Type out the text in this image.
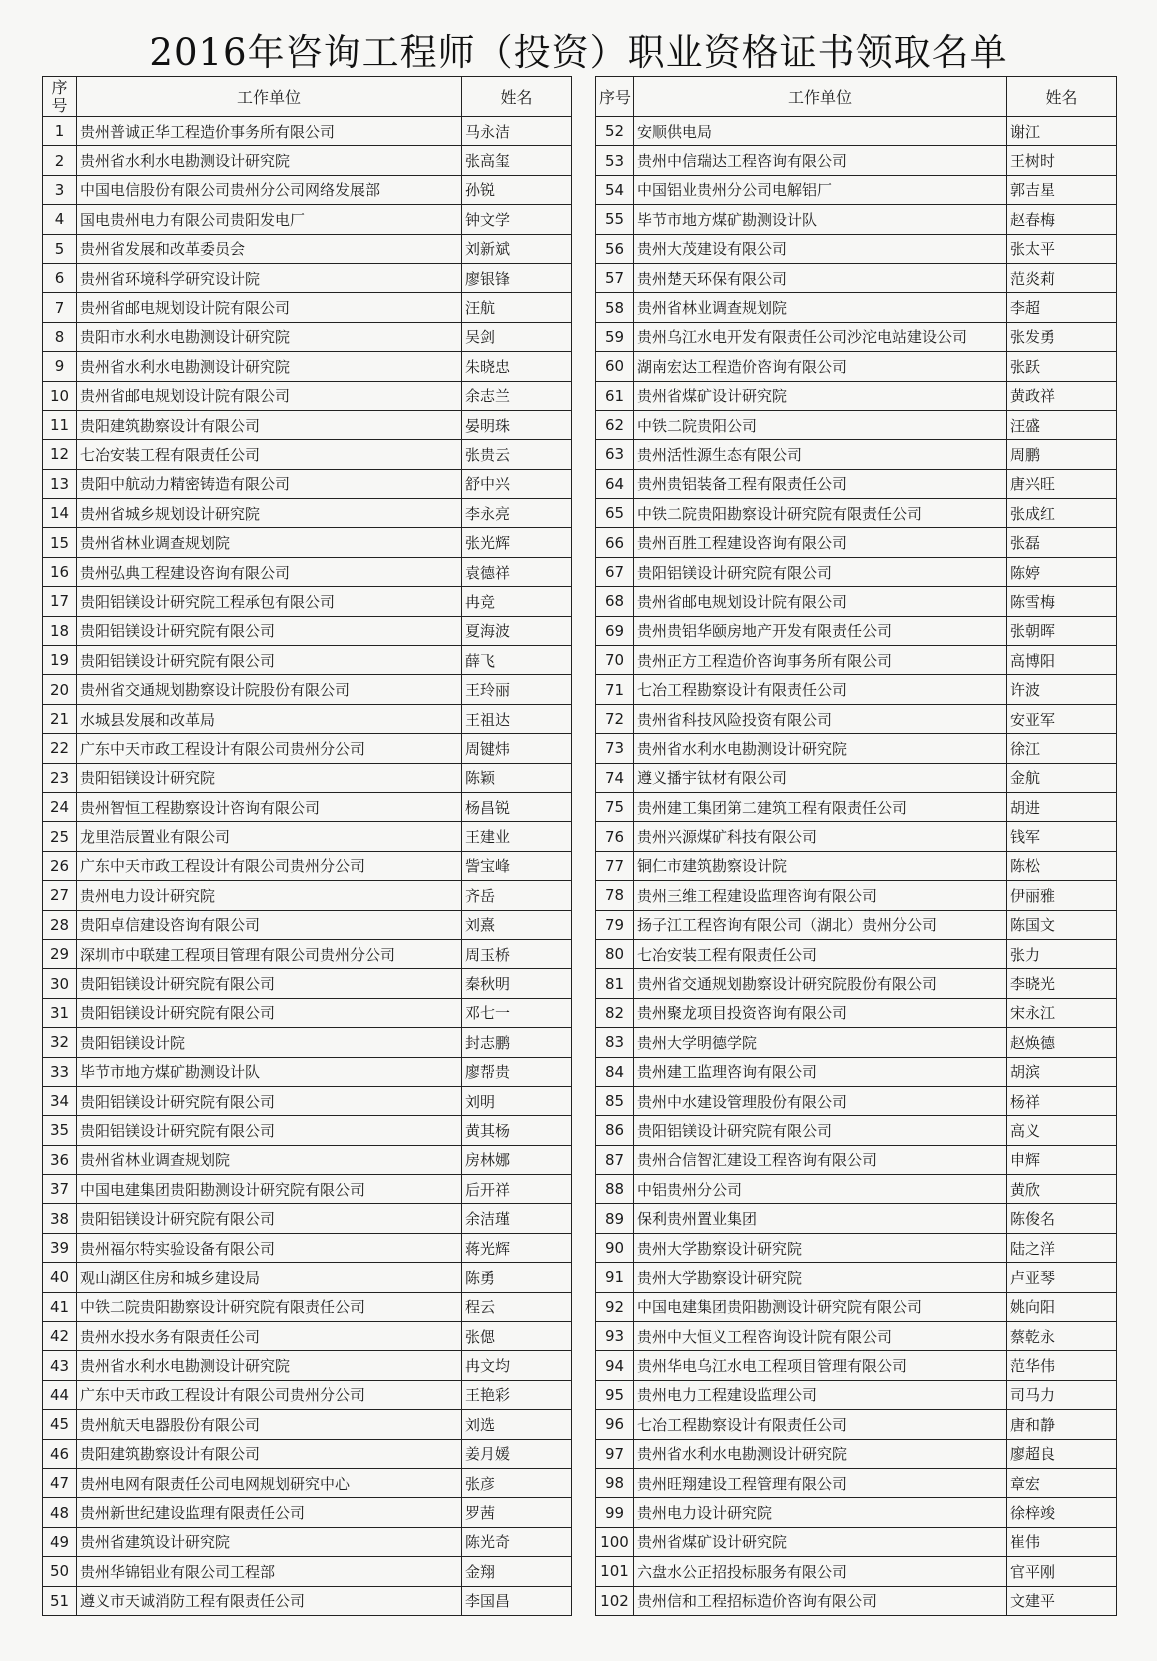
2016年咨询工程师（投资）职业资格证书领取名单
序
号	工作单位	姓名
1	贵州普诚正华工程造价事务所有限公司	马永洁
2	贵州省水利水电勘测设计研究院	张高玺
3	中国电信股份有限公司贵州分公司网络发展部	孙锐
4	国电贵州电力有限公司贵阳发电厂	钟文学
5	贵州省发展和改革委员会	刘新斌
6	贵州省环境科学研究设计院	廖银锋
7	贵州省邮电规划设计院有限公司	汪航
8	贵阳市水利水电勘测设计研究院	吴剑
9	贵州省水利水电勘测设计研究院	朱晓忠
10	贵州省邮电规划设计院有限公司	余志兰
11	贵阳建筑勘察设计有限公司	晏明珠
12	七冶安装工程有限责任公司	张贵云
13	贵阳中航动力精密铸造有限公司	舒中兴
14	贵州省城乡规划设计研究院	李永亮
15	贵州省林业调查规划院	张光辉
16	贵州弘典工程建设咨询有限公司	袁德祥
17	贵阳铝镁设计研究院工程承包有限公司	冉竞
18	贵阳铝镁设计研究院有限公司	夏海波
19	贵阳铝镁设计研究院有限公司	薛飞
20	贵州省交通规划勘察设计院股份有限公司	王玲丽
21	水城县发展和改革局	王祖达
22	广东中天市政工程设计有限公司贵州分公司	周键炜
23	贵阳铝镁设计研究院	陈颖
24	贵州智恒工程勘察设计咨询有限公司	杨昌锐
25	龙里浩辰置业有限公司	王建业
26	广东中天市政工程设计有限公司贵州分公司	訾宝峰
27	贵州电力设计研究院	齐岳
28	贵阳卓信建设咨询有限公司	刘熹
29	深圳市中联建工程项目管理有限公司贵州分公司	周玉桥
30	贵阳铝镁设计研究院有限公司	秦秋明
31	贵阳铝镁设计研究院有限公司	邓七一
32	贵阳铝镁设计院	封志鹏
33	毕节市地方煤矿勘测设计队	廖帮贵
34	贵阳铝镁设计研究院有限公司	刘明
35	贵阳铝镁设计研究院有限公司	黄其杨
36	贵州省林业调查规划院	房林娜
37	中国电建集团贵阳勘测设计研究院有限公司	后开祥
38	贵阳铝镁设计研究院有限公司	余洁瑾
39	贵州福尔特实验设备有限公司	蒋光辉
40	观山湖区住房和城乡建设局	陈勇
41	中铁二院贵阳勘察设计研究院有限责任公司	程云
42	贵州水投水务有限责任公司	张偲
43	贵州省水利水电勘测设计研究院	冉文均
44	广东中天市政工程设计有限公司贵州分公司	王艳彩
45	贵州航天电器股份有限公司	刘选
46	贵阳建筑勘察设计有限公司	姜月媛
47	贵州电网有限责任公司电网规划研究中心	张彦
48	贵州新世纪建设监理有限责任公司	罗茜
49	贵州省建筑设计研究院	陈光奇
50	贵州华锦铝业有限公司工程部	金翔
51	遵义市天诚消防工程有限责任公司	李国昌
序号	工作单位	姓名
52	安顺供电局	谢江
53	贵州中信瑞达工程咨询有限公司	王树时
54	中国铝业贵州分公司电解铝厂	郭吉星
55	毕节市地方煤矿勘测设计队	赵春梅
56	贵州大茂建设有限公司	张太平
57	贵州楚天环保有限公司	范炎莉
58	贵州省林业调查规划院	李超
59	贵州乌江水电开发有限责任公司沙沱电站建设公司	张发勇
60	湖南宏达工程造价咨询有限公司	张跃
61	贵州省煤矿设计研究院	黄政祥
62	中铁二院贵阳公司	汪盛
63	贵州活性源生态有限公司	周鹏
64	贵州贵铝装备工程有限责任公司	唐兴旺
65	中铁二院贵阳勘察设计研究院有限责任公司	张成红
66	贵州百胜工程建设咨询有限公司	张磊
67	贵阳铝镁设计研究院有限公司	陈婷
68	贵州省邮电规划设计院有限公司	陈雪梅
69	贵州贵铝华颐房地产开发有限责任公司	张朝晖
70	贵州正方工程造价咨询事务所有限公司	高博阳
71	七冶工程勘察设计有限责任公司	许波
72	贵州省科技风险投资有限公司	安亚军
73	贵州省水利水电勘测设计研究院	徐江
74	遵义播宇钛材有限公司	金航
75	贵州建工集团第二建筑工程有限责任公司	胡进
76	贵州兴源煤矿科技有限公司	钱军
77	铜仁市建筑勘察设计院	陈松
78	贵州三维工程建设监理咨询有限公司	伊丽雅
79	扬子江工程咨询有限公司（湖北）贵州分公司	陈国文
80	七冶安装工程有限责任公司	张力
81	贵州省交通规划勘察设计研究院股份有限公司	李晓光
82	贵州聚龙项目投资咨询有限公司	宋永江
83	贵州大学明德学院	赵焕德
84	贵州建工监理咨询有限公司	胡滨
85	贵州中水建设管理股份有限公司	杨祥
86	贵阳铝镁设计研究院有限公司	高义
87	贵州合信智汇建设工程咨询有限公司	申辉
88	中铝贵州分公司	黄欣
89	保利贵州置业集团	陈俊名
90	贵州大学勘察设计研究院	陆之洋
91	贵州大学勘察设计研究院	卢亚琴
92	中国电建集团贵阳勘测设计研究院有限公司	姚向阳
93	贵州中大恒义工程咨询设计院有限公司	蔡乾永
94	贵州华电乌江水电工程项目管理有限公司	范华伟
95	贵州电力工程建设监理公司	司马力
96	七冶工程勘察设计有限责任公司	唐和静
97	贵州省水利水电勘测设计研究院	廖超良
98	贵州旺翔建设工程管理有限公司	章宏
99	贵州电力设计研究院	徐梓竣
100	贵州省煤矿设计研究院	崔伟
101	六盘水公正招投标服务有限公司	官平刚
102	贵州信和工程招标造价咨询有限公司	文建平
